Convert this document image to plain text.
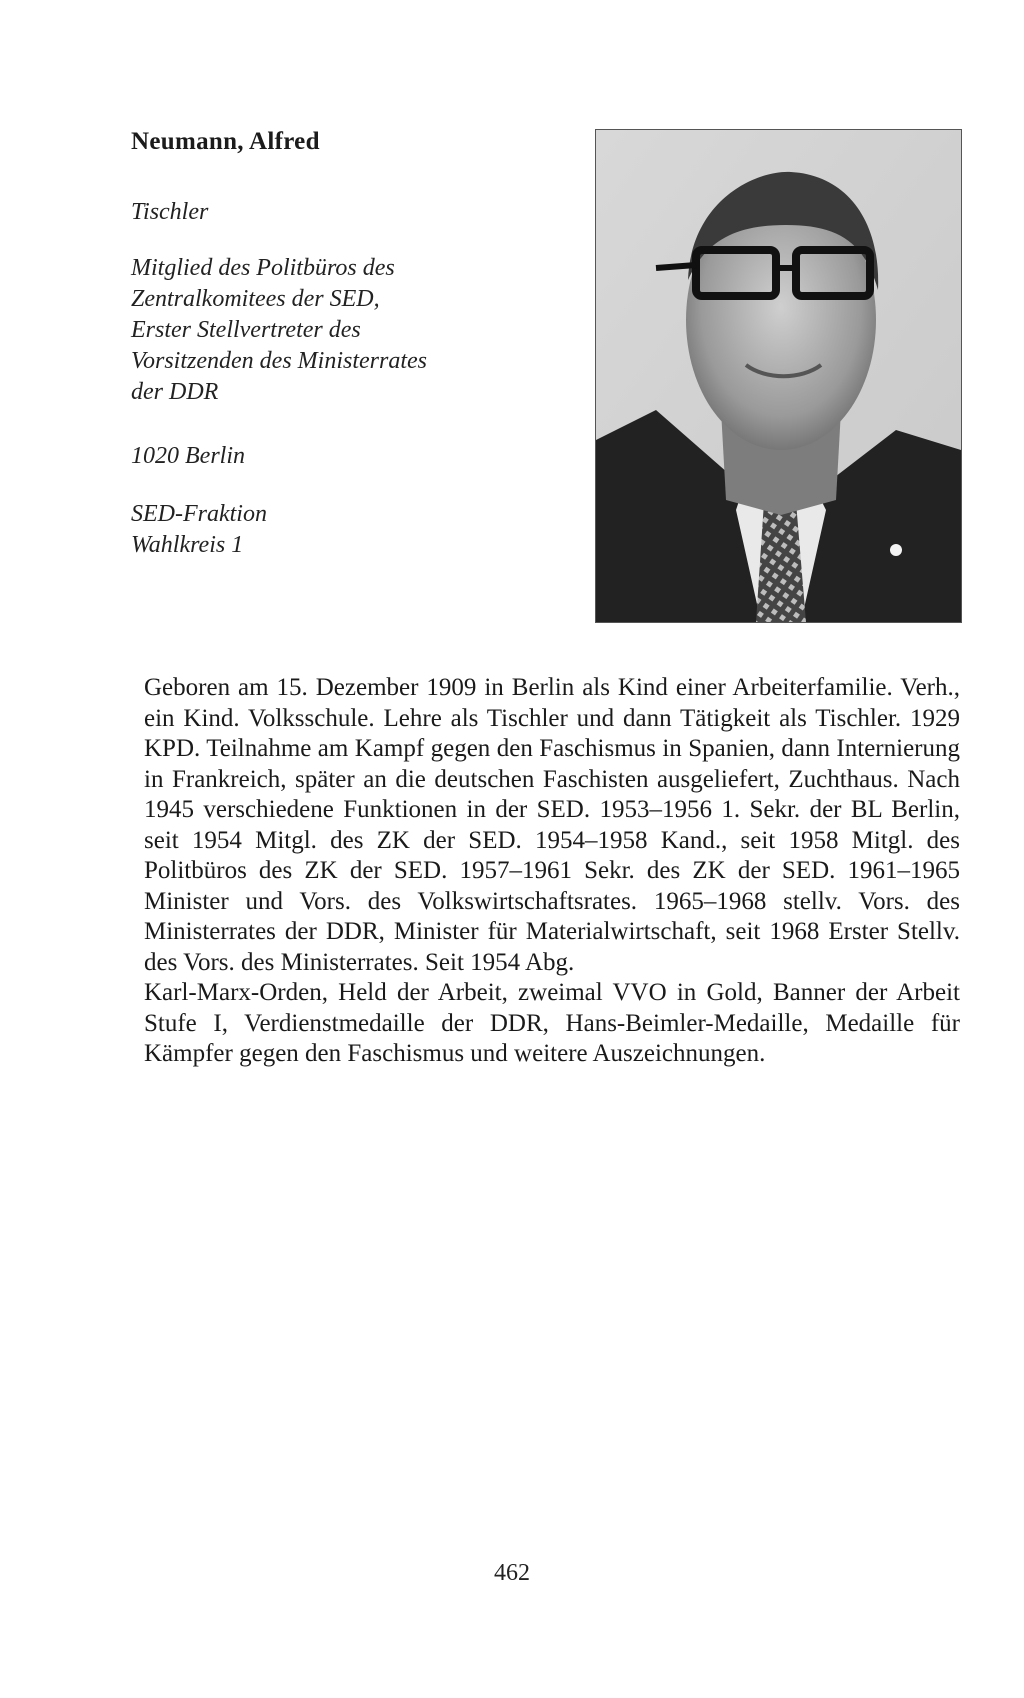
Neumann, Alfred
Tischler
Mitglied des Politbüros des
Zentralkomitees der SED,
Erster Stellvertreter des
Vorsitzenden des Ministerrates
der DDR
1020 Berlin
SED-Fraktion
Wahlkreis 1

Geboren am 15. Dezember 1909 in Berlin als Kind einer Arbeiterfamilie. Verh., ein Kind. Volksschule. Lehre als Tischler und dann Tätigkeit als Tischler. 1929 KPD. Teilnahme am Kampf gegen den Faschismus in Spanien, dann Internierung in Frankreich, später an die deutschen Faschisten ausgeliefert, Zuchthaus. Nach 1945 verschiedene Funktionen in der SED. 1953–1956 1. Sekr. der BL Berlin, seit 1954 Mitgl. des ZK der SED. 1954–1958 Kand., seit 1958 Mitgl. des Politbüros des ZK der SED. 1957–1961 Sekr. des ZK der SED. 1961–1965 Minister und Vors. des Volkswirtschaftsrates. 1965–1968 stellv. Vors. des Ministerrates der DDR, Minister für Materialwirtschaft, seit 1968 Erster Stellv. des Vors. des Ministerrates. Seit 1954 Abg.

Karl-Marx-Orden, Held der Arbeit, zweimal VVO in Gold, Banner der Arbeit Stufe I, Verdienstmedaille der DDR, Hans-Beimler-Medaille, Medaille für Kämpfer gegen den Faschismus und weitere Auszeichnungen.

462
